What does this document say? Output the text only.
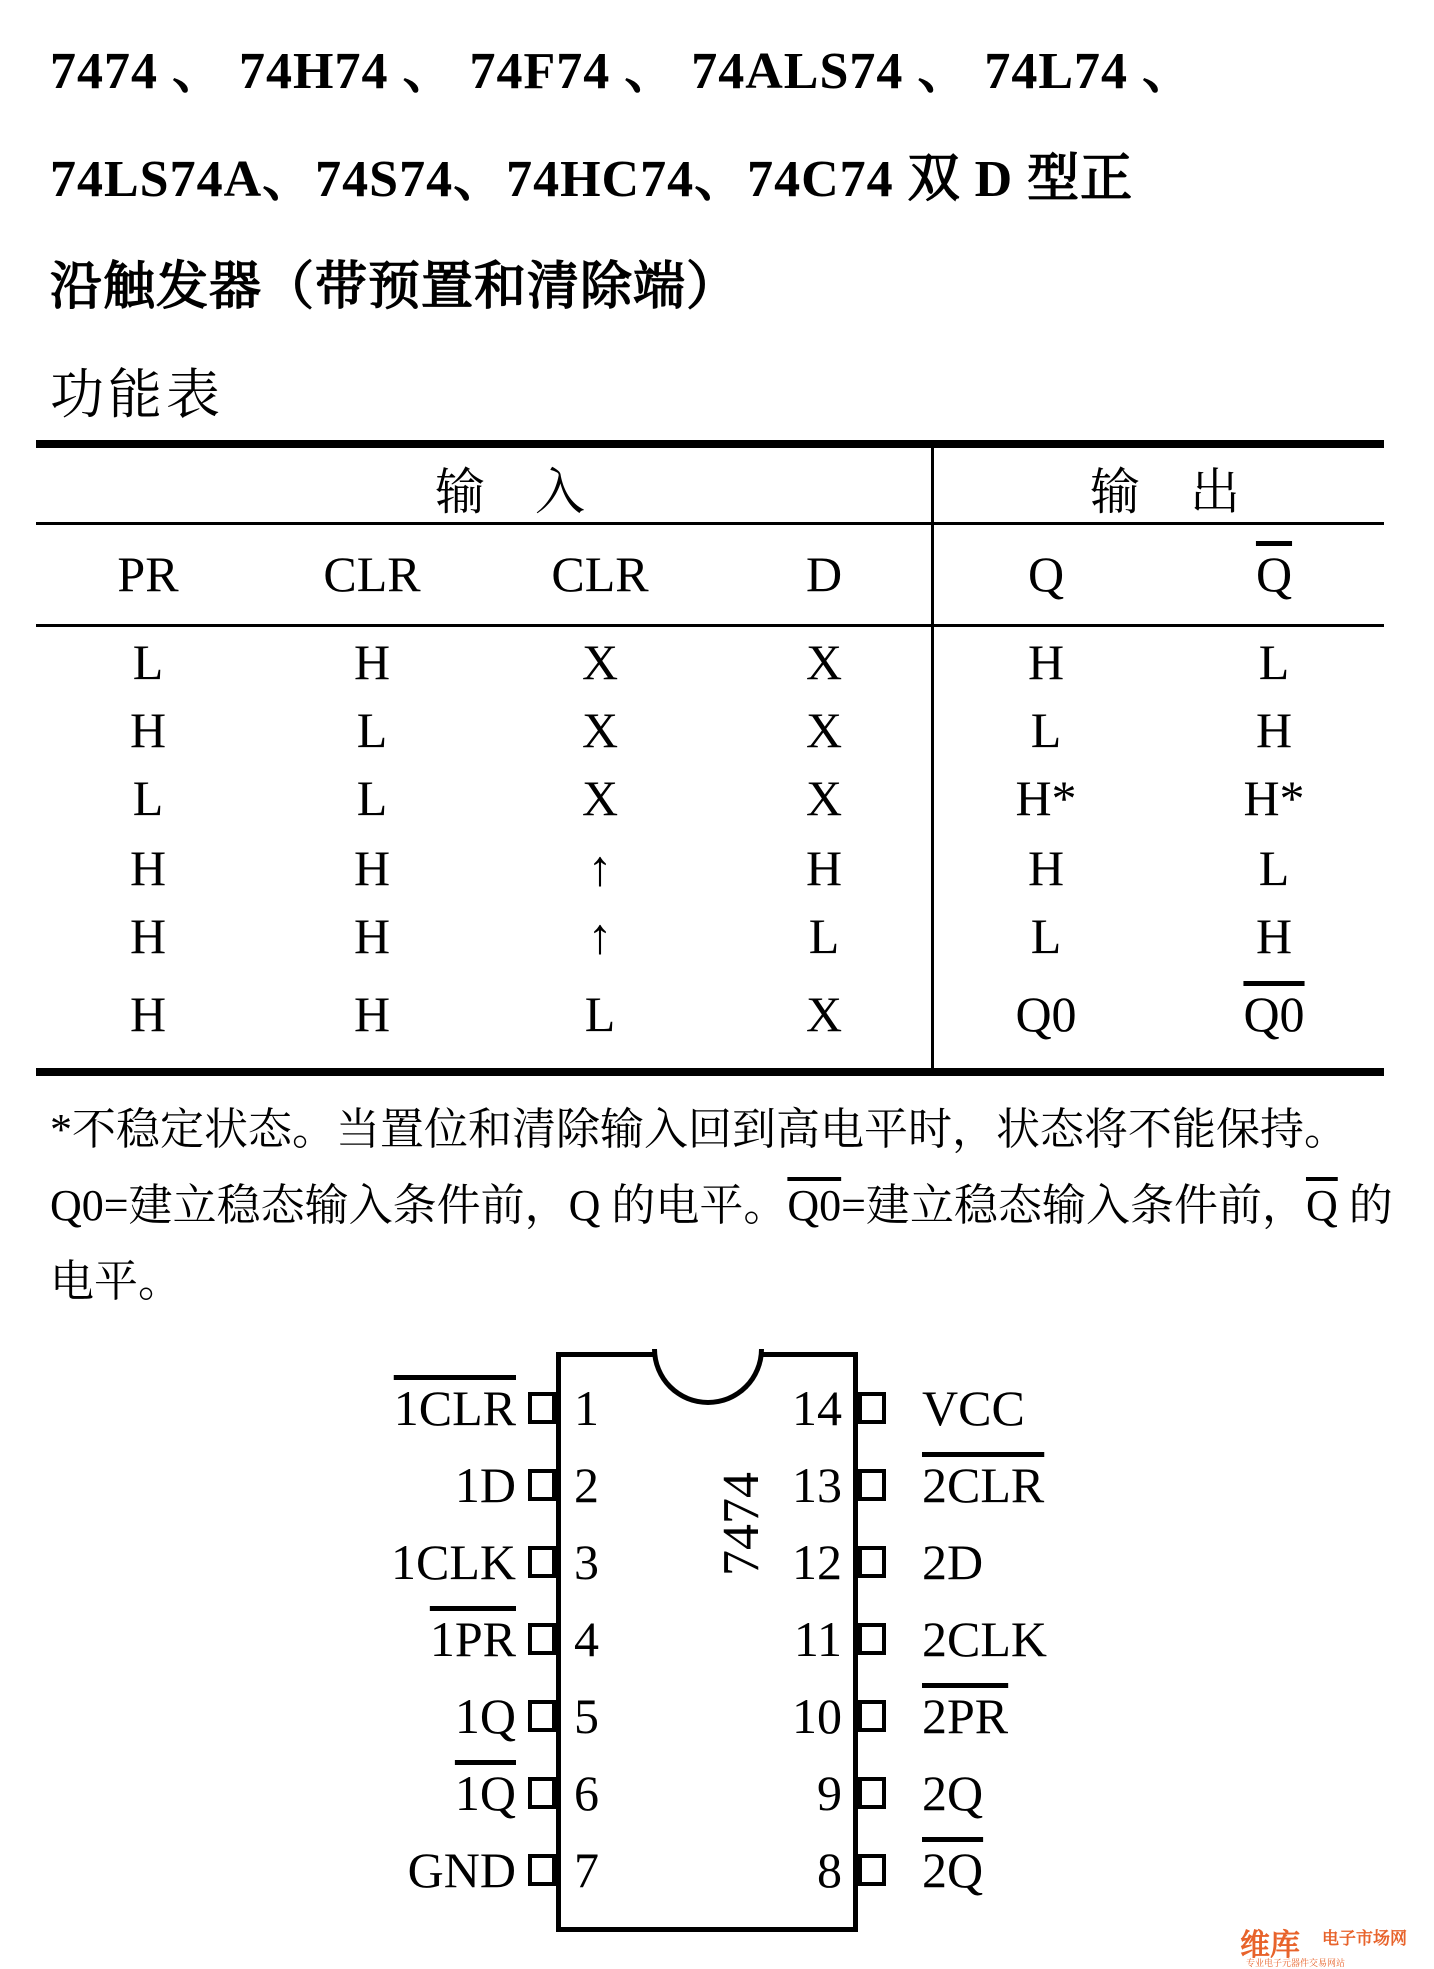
7474 、 74H74 、 74F74 、 74ALS74 、 74L74 、
74LS74A、74S74、74HC74、74C74 双 D 型正
沿触发器（带预置和清除端）
功能表
输　入	输　出
PR	CLR	CLR	D	Q	$\overline{Q}$
L	H	X	X	H	L
H	L	X	X	L	H
L	L	X	X	H*	H*
H	H	↑	H	H	L
H	H	↑	L	L	H
H	H	L	X	Q0	Q0
*不稳定状态。当置位和清除输入回到高电平时，状态将不能保持。Q0=建立稳态输入条件前，Q 的电平。Q0=建立稳态输入条件前，$\overline{Q}$ 的电平。
7474
1
1CLR
2
1D
3
1CLK
4
1PR
5
1Q
6
1Q
7
GND
14 VCC
13 2CLR
12 2D
11 2CLK
10 2PR
9 2Q
8 2Q
维库 电子市场网
专业电子元器件交易网站
